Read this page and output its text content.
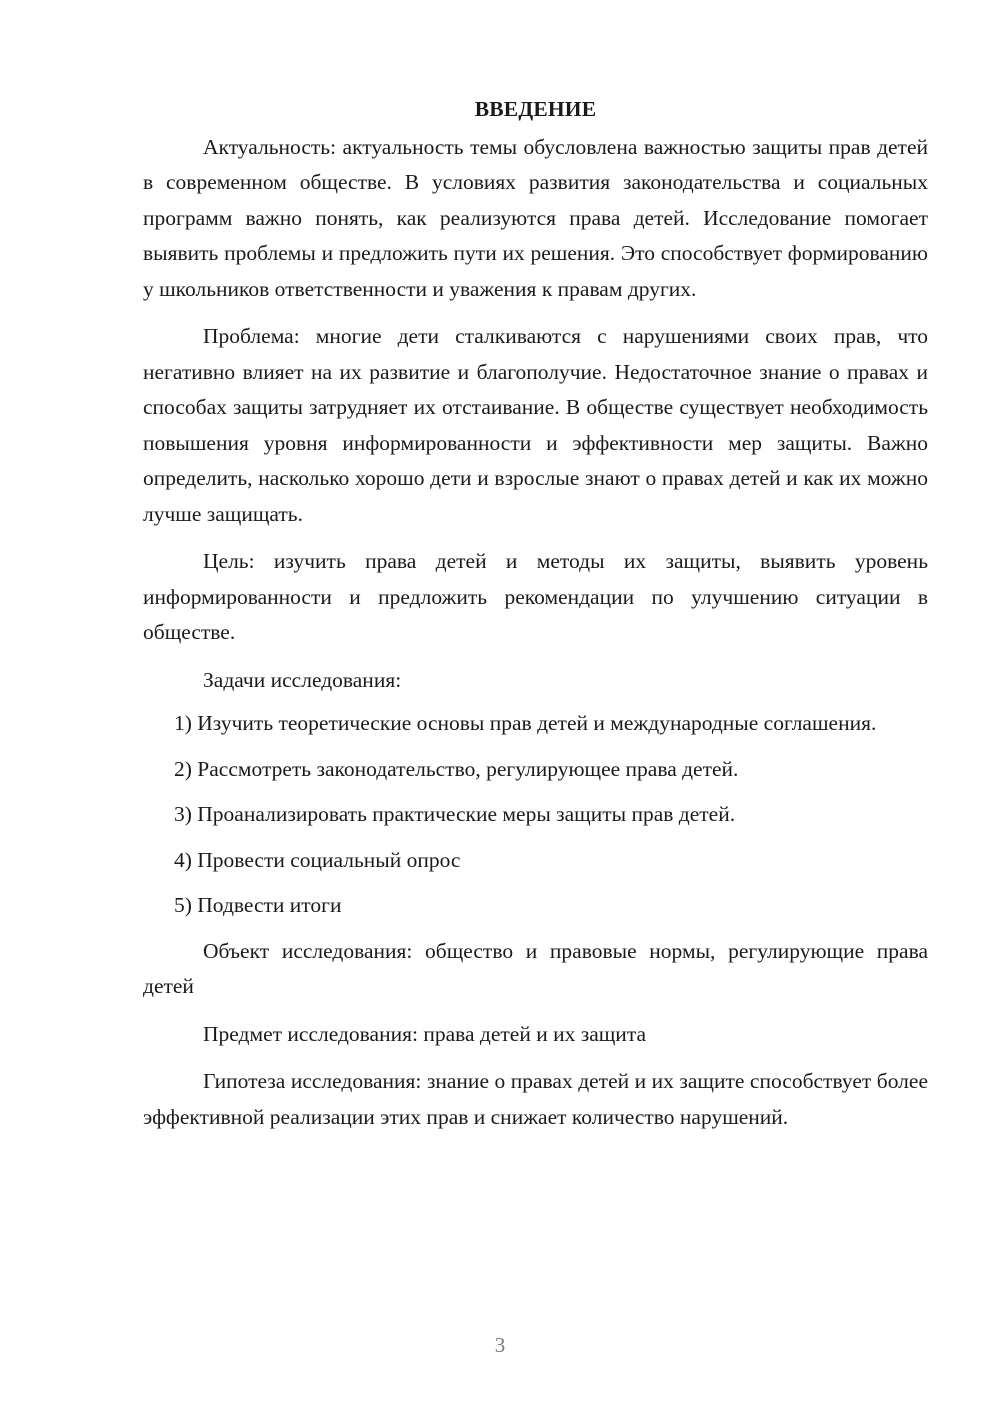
ВВЕДЕНИЕ

Актуальность: актуальность темы обусловлена важностью защиты прав детей в современном обществе. В условиях развития законодательства и социальных программ важно понять, как реализуются права детей. Исследование помогает выявить проблемы и предложить пути их решения. Это способствует формированию у школьников ответственности и уважения к правам других.

Проблема: многие дети сталкиваются с нарушениями своих прав, что негативно влияет на их развитие и благополучие. Недостаточное знание о правах и способах защиты затрудняет их отстаивание. В обществе существует необходимость повышения уровня информированности и эффективности мер защиты. Важно определить, насколько хорошо дети и взрослые знают о правах детей и как их можно лучше защищать.

Цель: изучить права детей и методы их защиты, выявить уровень информированности и предложить рекомендации по улучшению ситуации в обществе.

Задачи исследования:

1) Изучить теоретические основы прав детей и международные соглашения.

2) Рассмотреть законодательство, регулирующее права детей.

3) Проанализировать практические меры защиты прав детей.

4) Провести социальный опрос

5) Подвести итоги

Объект исследования: общество и правовые нормы, регулирующие права детей

Предмет исследования: права детей и их защита

Гипотеза исследования: знание о правах детей и их защите способствует более эффективной реализации этих прав и снижает количество нарушений.

3
